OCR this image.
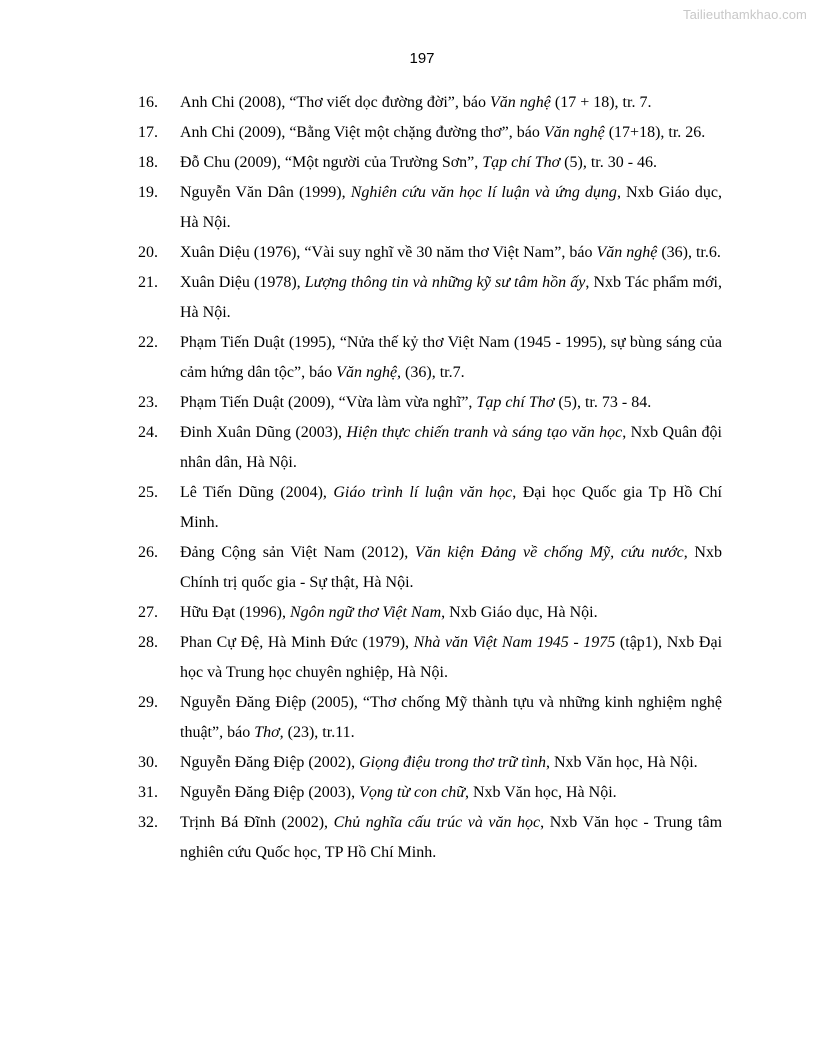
Tailieuthamkhao.com
197
16.	Anh Chi (2008), “Thơ viết dọc đường đời”, báo Văn nghệ (17 + 18), tr. 7.
17.	Anh Chi (2009), “Bằng Việt một chặng đường thơ”, báo Văn nghệ (17+18), tr. 26.
18.	Đỗ Chu (2009), “Một người của Trường Sơn”, Tạp chí Thơ (5), tr. 30 - 46.
19.	Nguyễn Văn Dân (1999), Nghiên cứu văn học lí luận và ứng dụng, Nxb Giáo dục, Hà Nội.
20.	Xuân Diệu (1976), “Vài suy nghĩ về 30 năm thơ Việt Nam”, báo Văn nghệ (36), tr.6.
21.	Xuân Diệu (1978), Lượng thông tin và những kỹ sư tâm hồn ấy, Nxb Tác phẩm mới, Hà Nội.
22.	Phạm Tiến Duật (1995), “Nửa thế kỷ thơ Việt Nam (1945 - 1995), sự bùng sáng của cảm hứng dân tộc”, báo Văn nghệ, (36), tr.7.
23.	Phạm Tiến Duật (2009), “Vừa làm vừa nghĩ”, Tạp chí Thơ (5), tr. 73 - 84.
24.	Đinh Xuân Dũng (2003), Hiện thực chiến tranh và sáng tạo văn học, Nxb Quân đội nhân dân, Hà Nội.
25.	Lê Tiến Dũng (2004), Giáo trình lí luận văn học, Đại học Quốc gia Tp Hồ Chí Minh.
26.	Đảng Cộng sản Việt Nam (2012), Văn kiện Đảng về chống Mỹ, cứu nước, Nxb Chính trị quốc gia - Sự thật, Hà Nội.
27.	Hữu Đạt (1996), Ngôn ngữ thơ Việt Nam, Nxb Giáo dục, Hà Nội.
28.	Phan Cự Đệ, Hà Minh Đức (1979), Nhà văn Việt Nam 1945 - 1975 (tập1), Nxb Đại học và Trung học chuyên nghiệp, Hà Nội.
29.	Nguyễn Đăng Điệp (2005), “Thơ chống Mỹ thành tựu và những kinh nghiệm nghệ thuật”, báo Thơ, (23), tr.11.
30.	Nguyễn Đăng Điệp (2002), Giọng điệu trong thơ trữ tình, Nxb Văn học, Hà Nội.
31.	Nguyễn Đăng Điệp (2003), Vọng từ con chữ, Nxb Văn học, Hà Nội.
32.	Trịnh Bá Đĩnh (2002), Chủ nghĩa cấu trúc và văn học, Nxb Văn học - Trung tâm nghiên cứu Quốc học, TP Hồ Chí Minh.
